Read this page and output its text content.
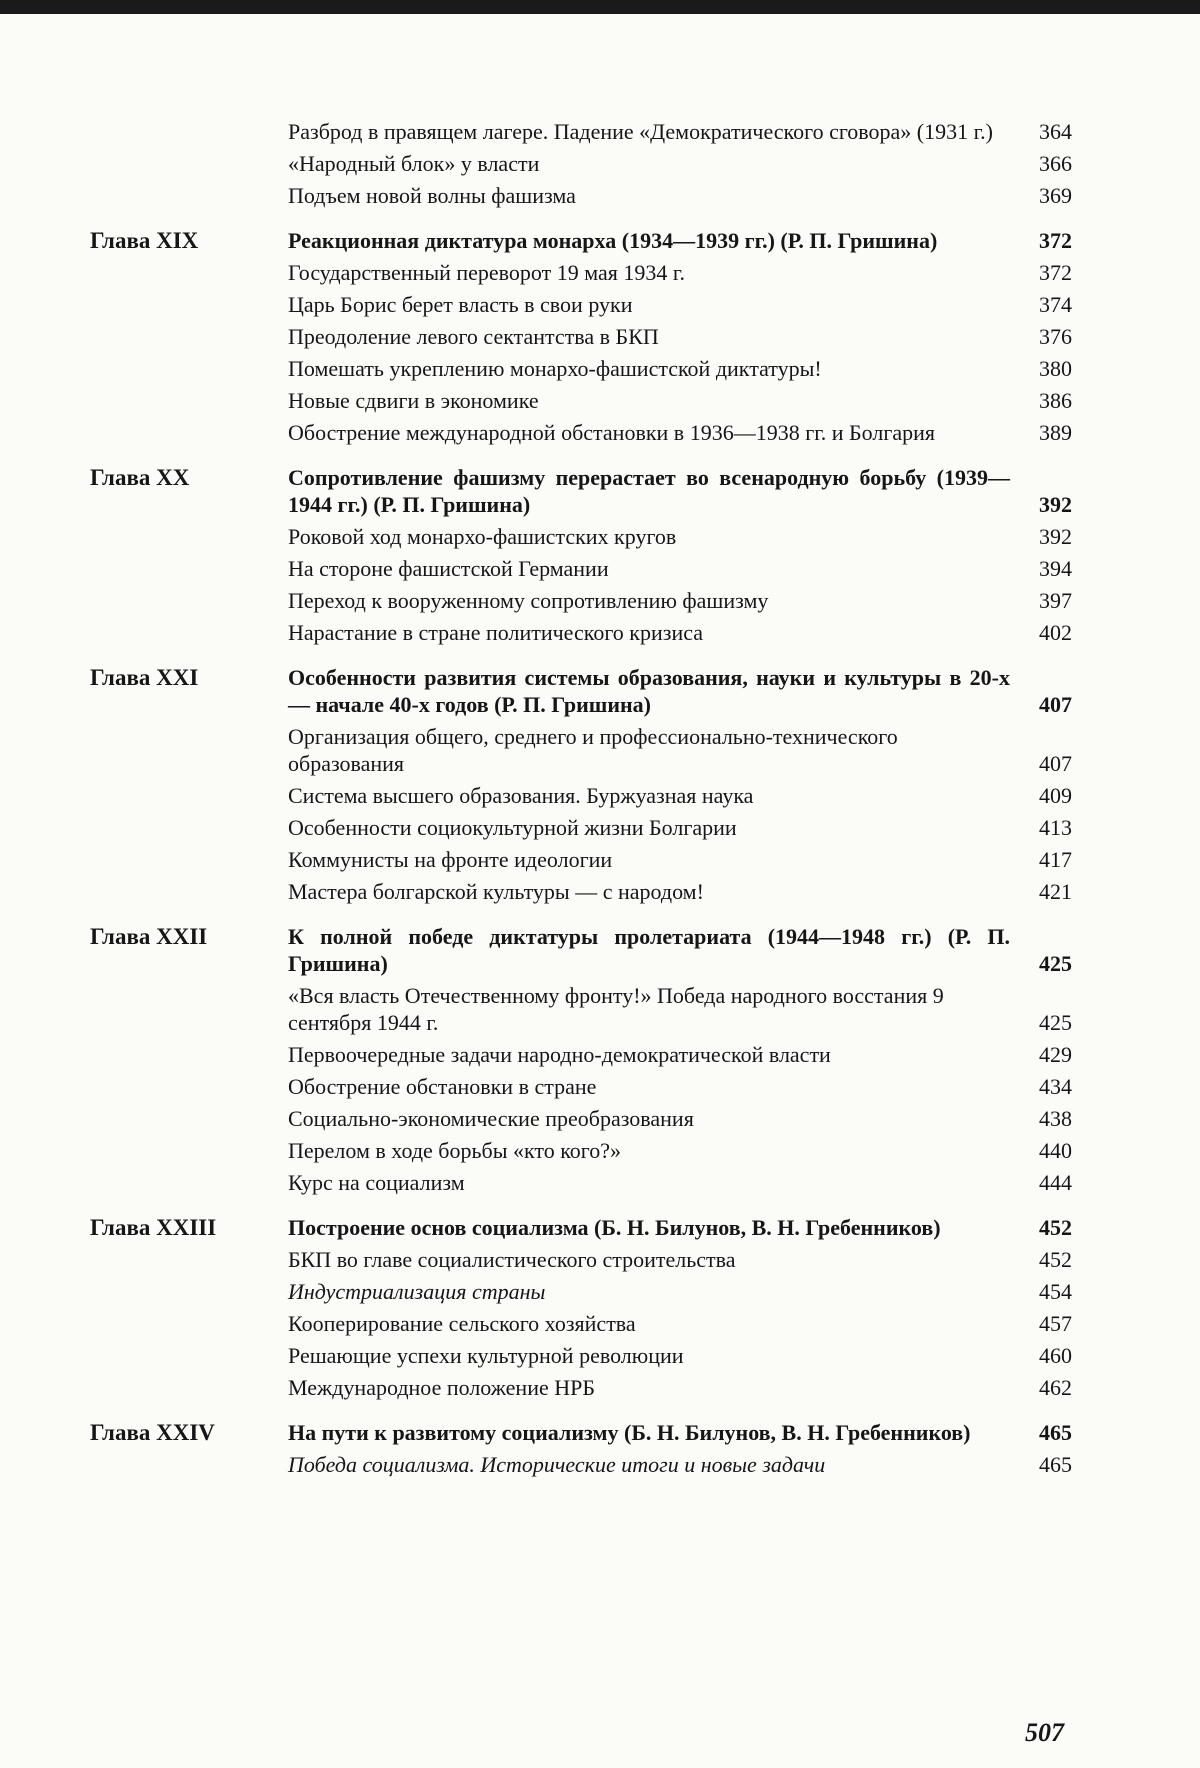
Разброд в правящем лагере. Падение «Демократического сговора» (1931 г.)	364
«Народный блок» у власти	366
Подъем новой волны фашизма	369
Глава XIX	Реакционная диктатура монарха (1934—1939 гг.) (Р. П. Гришина)	372
Государственный переворот 19 мая 1934 г.	372
Царь Борис берет власть в свои руки	374
Преодоление левого сектантства в БКП	376
Помешать укреплению монархо-фашистской диктатуры!	380
Новые сдвиги в экономике	386
Обострение международной обстановки в 1936—1938 гг. и Болгария	389
Глава XX	Сопротивление фашизму перерастает во всенародную борьбу (1939—1944 гг.) (Р. П. Гришина)	392
Роковой ход монархо-фашистских кругов	392
На стороне фашистской Германии	394
Переход к вооруженному сопротивлению фашизму	397
Нарастание в стране политического кризиса	402
Глава XXI	Особенности развития системы образования, науки и культуры в 20-х — начале 40-х годов (Р. П. Гришина)	407
Организация общего, среднего и профессионально-технического образования	407
Система высшего образования. Буржуазная наука	409
Особенности социокультурной жизни Болгарии	413
Коммунисты на фронте идеологии	417
Мастера болгарской культуры — с народом!	421
Глава XXII	К полной победе диктатуры пролетариата (1944—1948 гг.) (Р. П. Гришина)	425
«Вся власть Отечественному фронту!» Победа народного восстания 9 сентября 1944 г.	425
Первоочередные задачи народно-демократической власти	429
Обострение обстановки в стране	434
Социально-экономические преобразования	438
Перелом в ходе борьбы «кто кого?»	440
Курс на социализм	444
Глава XXIII	Построение основ социализма (Б. Н. Билунов, В. Н. Гребенников)	452
БКП во главе социалистического строительства	452
Индустриализация страны	454
Кооперирование сельского хозяйства	457
Решающие успехи культурной революции	460
Международное положение НРБ	462
Глава XXIV	На пути к развитому социализму (Б. Н. Билунов, В. Н. Гребенников)	465
Победа социализма. Исторические итоги и новые задачи	465
507
